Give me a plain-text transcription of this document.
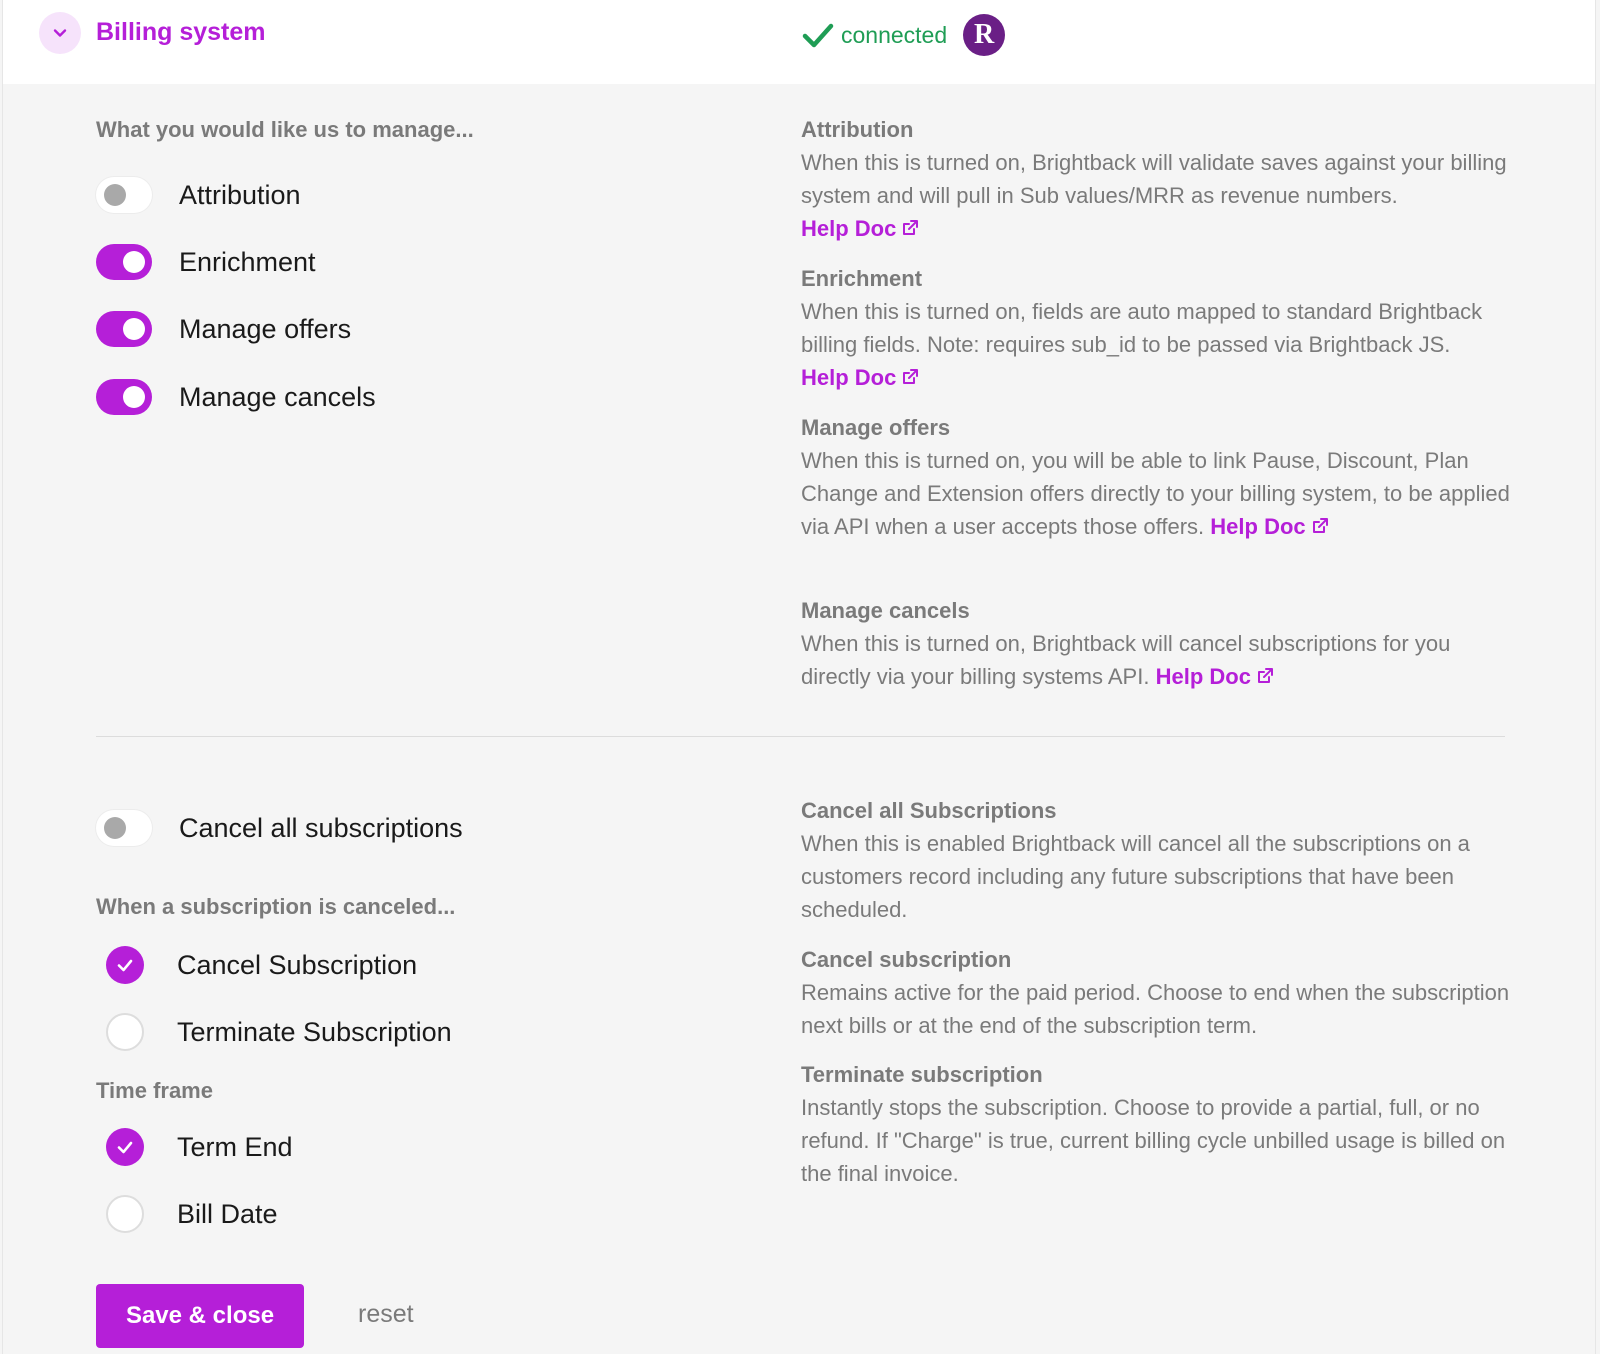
Billing system	connected R
What you would like us to manage...
Attribution
Enrichment
Manage offers
Manage cancels
Attribution
When this is turned on, Brightback will validate saves against your billing system and will pull in Sub values/MRR as revenue numbers. Help Doc
Enrichment
When this is turned on, fields are auto mapped to standard Brightback billing fields. Note: requires sub_id to be passed via Brightback JS. Help Doc
Manage offers
When this is turned on, you will be able to link Pause, Discount, Plan Change and Extension offers directly to your billing system, to be applied via API when a user accepts those offers. Help Doc
Manage cancels
When this is turned on, Brightback will cancel subscriptions for you directly via your billing systems API. Help Doc
Cancel all subscriptions
When a subscription is canceled...
Cancel Subscription
Terminate Subscription
Time frame
Term End
Bill Date
Cancel all Subscriptions
When this is enabled Brightback will cancel all the subscriptions on a customers record including any future subscriptions that have been scheduled.
Cancel subscription
Remains active for the paid period. Choose to end when the subscription next bills or at the end of the subscription term.
Terminate subscription
Instantly stops the subscription. Choose to provide a partial, full, or no refund. If "Charge" is true, current billing cycle unbilled usage is billed on the final invoice.
Save & close	reset
